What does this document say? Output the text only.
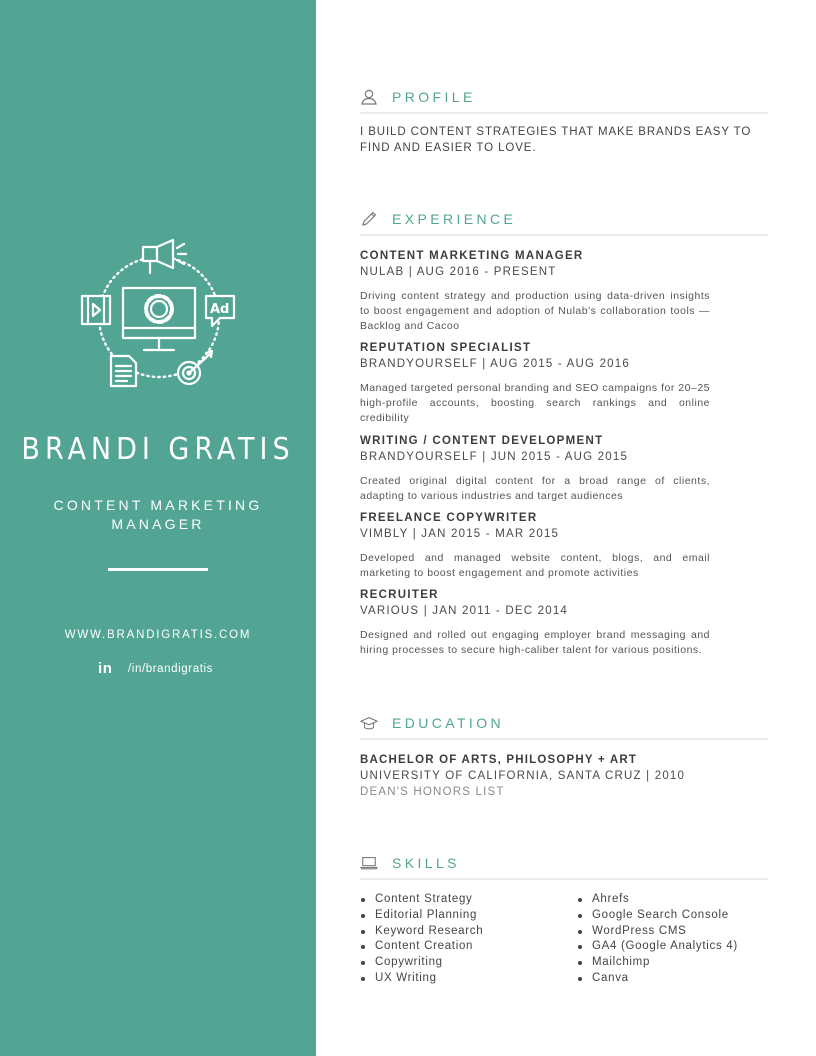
Ad
BRANDI GRATIS
CONTENT MARKETING MANAGER
WWW.BRANDIGRATIS.COM
in /in/brandigratis
PROFILE
I BUILD CONTENT STRATEGIES THAT MAKE BRANDS EASY TO FIND AND EASIER TO LOVE.
EXPERIENCE
CONTENT MARKETING MANAGER
NULAB | AUG 2016 - PRESENT
Driving content strategy and production using data-driven insights to boost engagement and adoption of Nulab's collaboration tools — Backlog and Cacoo
REPUTATION SPECIALIST
BRANDYOURSELF | AUG 2015 - AUG 2016
Managed targeted personal branding and SEO campaigns for 20–25 high-profile accounts, boosting search rankings and online credibility
WRITING / CONTENT DEVELOPMENT
BRANDYOURSELF | JUN 2015 - AUG 2015
Created original digital content for a broad range of clients, adapting to various industries and target audiences
FREELANCE COPYWRITER
VIMBLY | JAN 2015 - MAR 2015
Developed and managed website content, blogs, and email marketing to boost engagement and promote activities
RECRUITER
VARIOUS | JAN 2011 - DEC 2014
Designed and rolled out engaging employer brand messaging and hiring processes to secure high-caliber talent for various positions.
EDUCATION
BACHELOR OF ARTS, PHILOSOPHY + ART
UNIVERSITY OF CALIFORNIA, SANTA CRUZ | 2010
DEAN'S HONORS LIST
SKILLS
Content Strategy
Editorial Planning
Keyword Research
Content Creation
Copywriting
UX Writing
Ahrefs
Google Search Console
WordPress CMS
GA4 (Google Analytics 4)
Mailchimp
Canva
